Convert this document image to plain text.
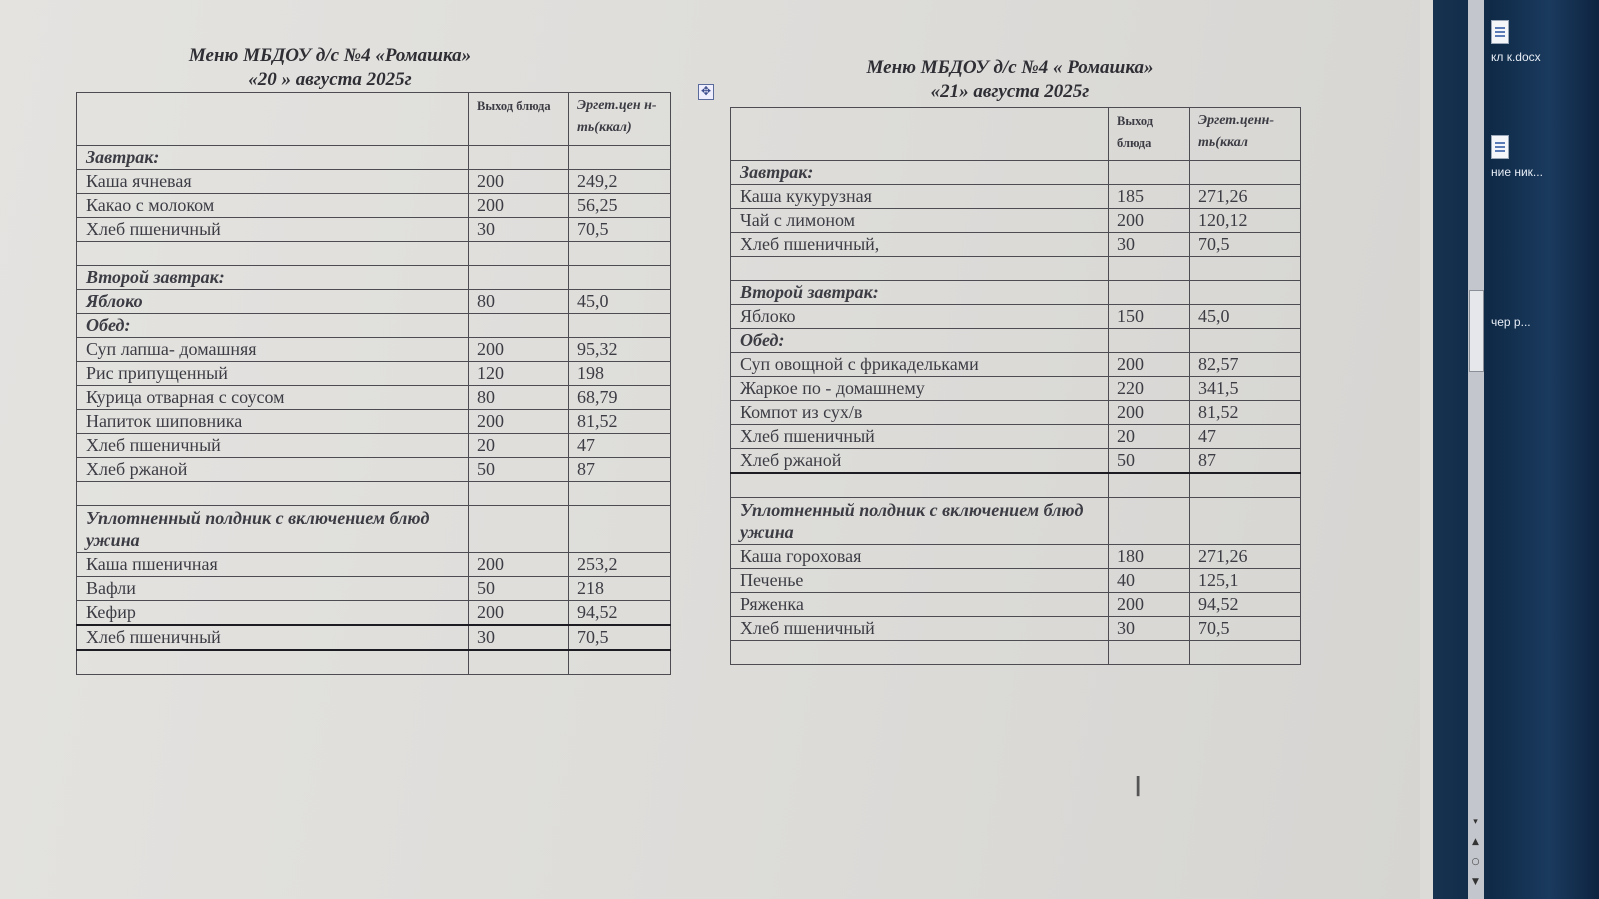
Меню МБДОУ д/с №4 «Ромашка»
«20 » августа 2025г
	Выход блюда	Эргет.цен н-ть(ккал)
Завтрак:		
Каша ячневая	200	249,2
Какао с молоком	200	56,25
Хлеб пшеничный	30	70,5

Второй завтрак:		
Яблоко	80	45,0
Обед:		
Суп лапша- домашняя	200	95,32
Рис припущенный	120	198
Курица отварная с соусом	80	68,79
Напиток шиповника	200	81,52
Хлеб пшеничный	20	47
Хлеб ржаной	50	87

Уплотненный полдник с включением блюд ужина		
Каша пшеничная	200	253,2
Вафли	50	218
Кефир	200	94,52
Хлеб пшеничный	30	70,5

✥
Меню МБДОУ д/с №4 « Ромашка»
«21» августа 2025г
	Выход блюда	Эргет.ценн-ть(ккал
Завтрак:		
Каша кукурузная	185	271,26
Чай с лимоном	200	120,12
Хлеб пшеничный,	30	70,5

Второй завтрак:		
Яблоко	150	45,0
Обед:		
Суп овощной с фрикадельками	200	82,57
Жаркое по - домашнему	220	341,5
Компот из сух/в	200	81,52
Хлеб пшеничный	20	47
Хлеб ржаной	50	87

Уплотненный полдник с включением блюд ужина		
Каша гороховая	180	271,26
Печенье	40	125,1
Ряженка	200	94,52
Хлеб пшеничный	30	70,5

I
кл к.docx
ние ник...
чер р...
▾
▲
○
▼
